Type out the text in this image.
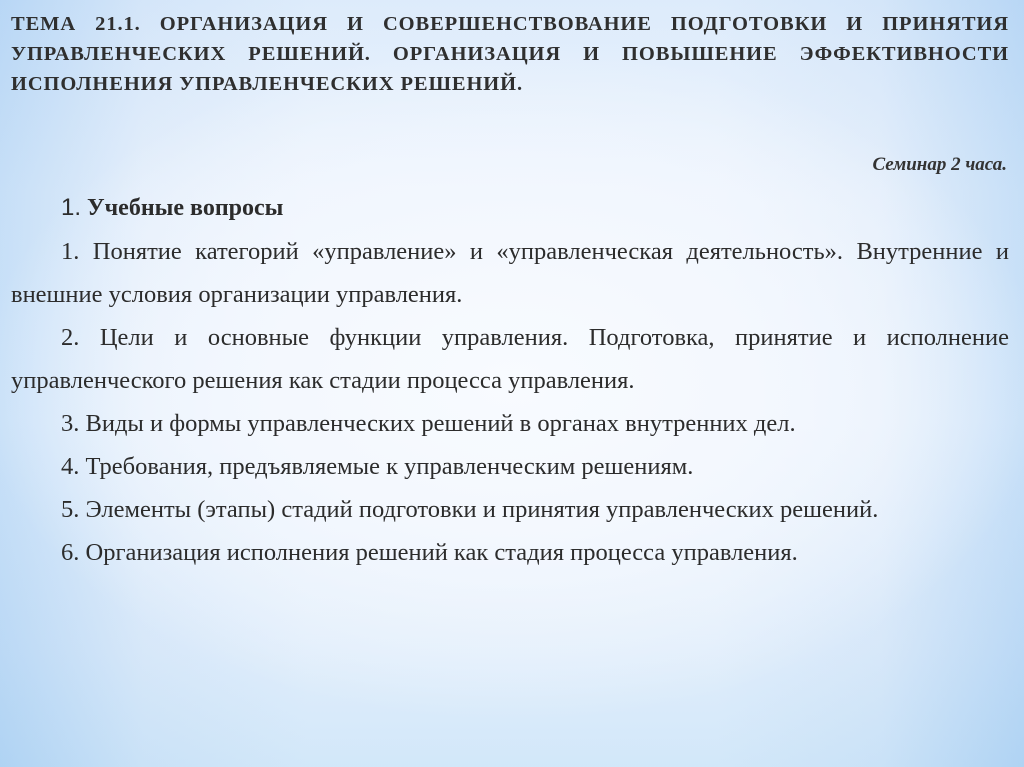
ТЕМА 21.1. ОРГАНИЗАЦИЯ И СОВЕРШЕНСТВОВАНИЕ ПОДГОТОВКИ И ПРИНЯТИЯ УПРАВЛЕНЧЕСКИХ РЕШЕНИЙ. ОРГАНИЗАЦИЯ И ПОВЫШЕНИЕ ЭФФЕКТИВНОСТИ ИСПОЛНЕНИЯ УПРАВЛЕНЧЕСКИХ РЕШЕНИЙ.

Семинар 2 часа.

1. Учебные вопросы

1. Понятие категорий «управление» и «управленческая деятельность». Внутренние и внешние условия организации управления.

2. Цели и основные функции управления. Подготовка, принятие и исполнение управленческого решения как стадии процесса управления.

3. Виды и формы управленческих решений в органах внутренних дел.

4. Требования, предъявляемые к управленческим решениям.

5. Элементы (этапы) стадий подготовки и принятия управленческих решений.

6. Организация исполнения решений как стадия процесса управления.
